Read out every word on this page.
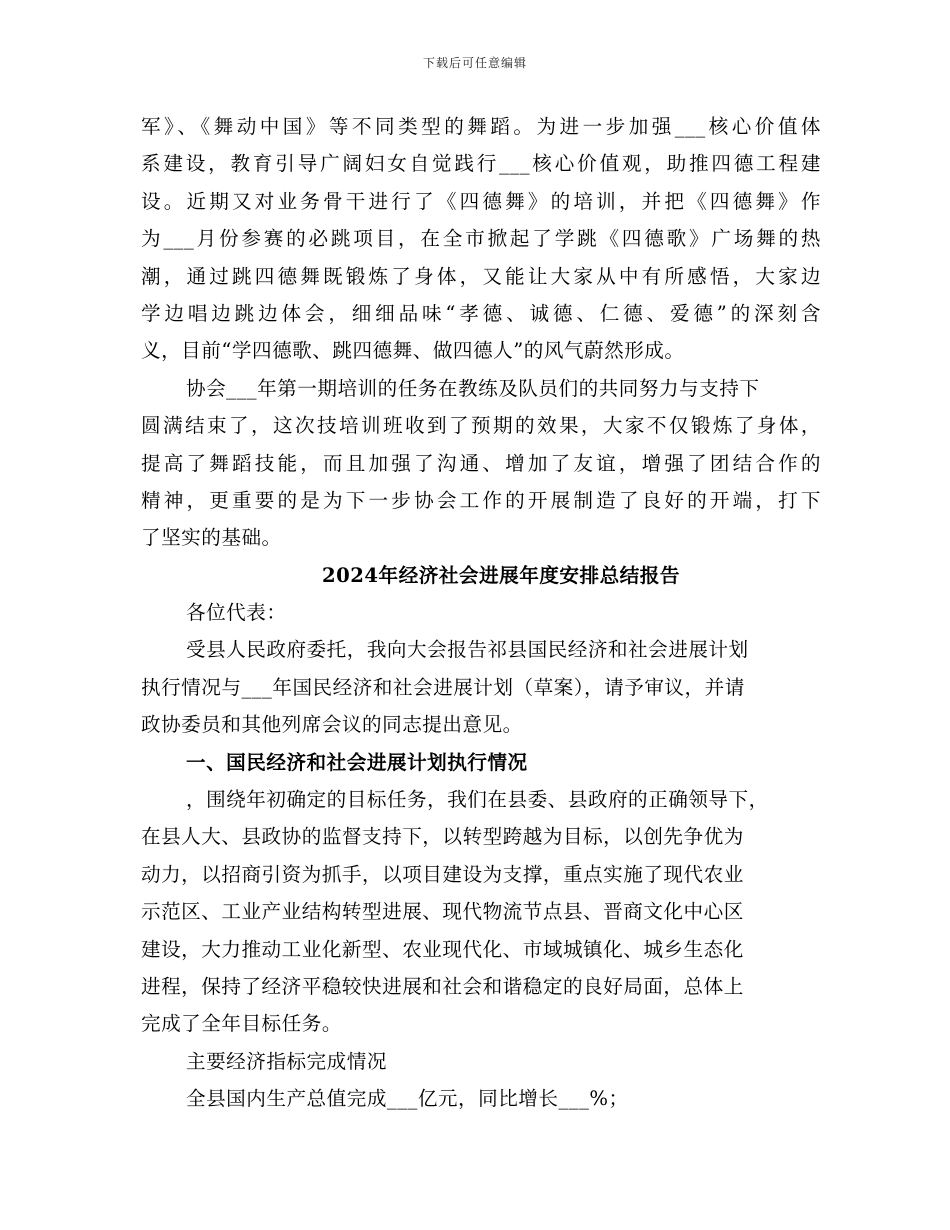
下载后可任意编辑
军》、《舞动中国》等不同类型的舞蹈。为进一步加强___核心价值体
系建设，教育引导广阔妇女自觉践行___核心价值观，助推四德工程建
设。近期又对业务骨干进行了《四德舞》的培训，并把《四德舞》作
为___月份参赛的必跳项目，在全市掀起了学跳《四德歌》广场舞的热
潮，通过跳四德舞既锻炼了身体，又能让大家从中有所感悟，大家边
学边唱边跳边体会，细细品味“孝德、诚德、仁德、爱德”的深刻含
义，目前“学四德歌、跳四德舞、做四德人”的风气蔚然形成。
协会___年第一期培训的任务在教练及队员们的共同努力与支持下
圆满结束了，这次技培训班收到了预期的效果，大家不仅锻炼了身体，
提高了舞蹈技能，而且加强了沟通、增加了友谊，增强了团结合作的
精神，更重要的是为下一步协会工作的开展制造了良好的开端，打下
了坚实的基础。
2024年经济社会进展年度安排总结报告
各位代表：
受县人民政府委托，我向大会报告祁县国民经济和社会进展计划
执行情况与___年国民经济和社会进展计划（草案），请予审议，并请
政协委员和其他列席会议的同志提出意见。
一、国民经济和社会进展计划执行情况
，围绕年初确定的目标任务，我们在县委、县政府的正确领导下，
在县人大、县政协的监督支持下，以转型跨越为目标，以创先争优为
动力，以招商引资为抓手，以项目建设为支撑，重点实施了现代农业
示范区、工业产业结构转型进展、现代物流节点县、晋商文化中心区
建设，大力推动工业化新型、农业现代化、市域城镇化、城乡生态化
进程，保持了经济平稳较快进展和社会和谐稳定的良好局面，总体上
完成了全年目标任务。
主要经济指标完成情况
全县国内生产总值完成___亿元，同比增长___%；
